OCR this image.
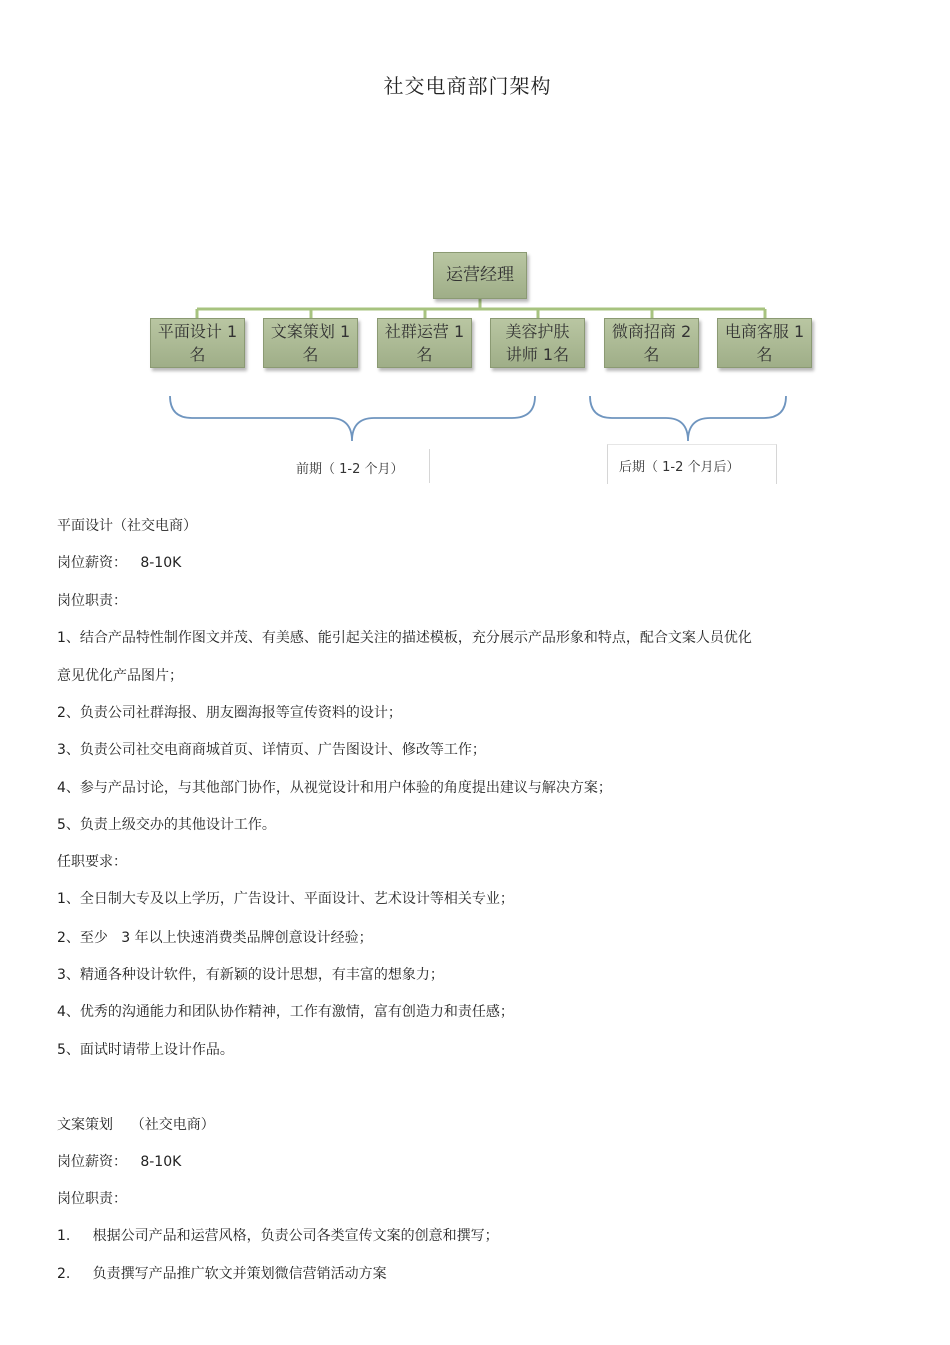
社交电商部门架构
运营经理
平面设计 1
名
文案策划 1
名
社群运营 1
名
美容护肤
讲师 1名
微商招商 2
名
电商客服 1
名
前期（ 1-2 个月）	后期（ 1-2 个月后）
平面设计（社交电商）
岗位薪资：   8-10K
岗位职责：
1、结合产品特性制作图文并茂、有美感、能引起关注的描述模板，充分展示产品形象和特点，配合文案人员优化
意见优化产品图片；
2、负责公司社群海报、朋友圈海报等宣传资料的设计；
3、负责公司社交电商商城首页、详情页、广告图设计、修改等工作；
4、参与产品讨论，与其他部门协作，从视觉设计和用户体验的角度提出建议与解决方案；
5、负责上级交办的其他设计工作。
任职要求：
1、全日制大专及以上学历，广告设计、平面设计、艺术设计等相关专业；
2、至少   3 年以上快速消费类品牌创意设计经验；
3、精通各种设计软件，有新颖的设计思想，有丰富的想象力；
4、优秀的沟通能力和团队协作精神，工作有激情，富有创造力和责任感；
5、面试时请带上设计作品。
文案策划    （社交电商）
岗位薪资：   8-10K
岗位职责：
1.     根据公司产品和运营风格，负责公司各类宣传文案的创意和撰写；
2.     负责撰写产品推广软文并策划微信营销活动方案
